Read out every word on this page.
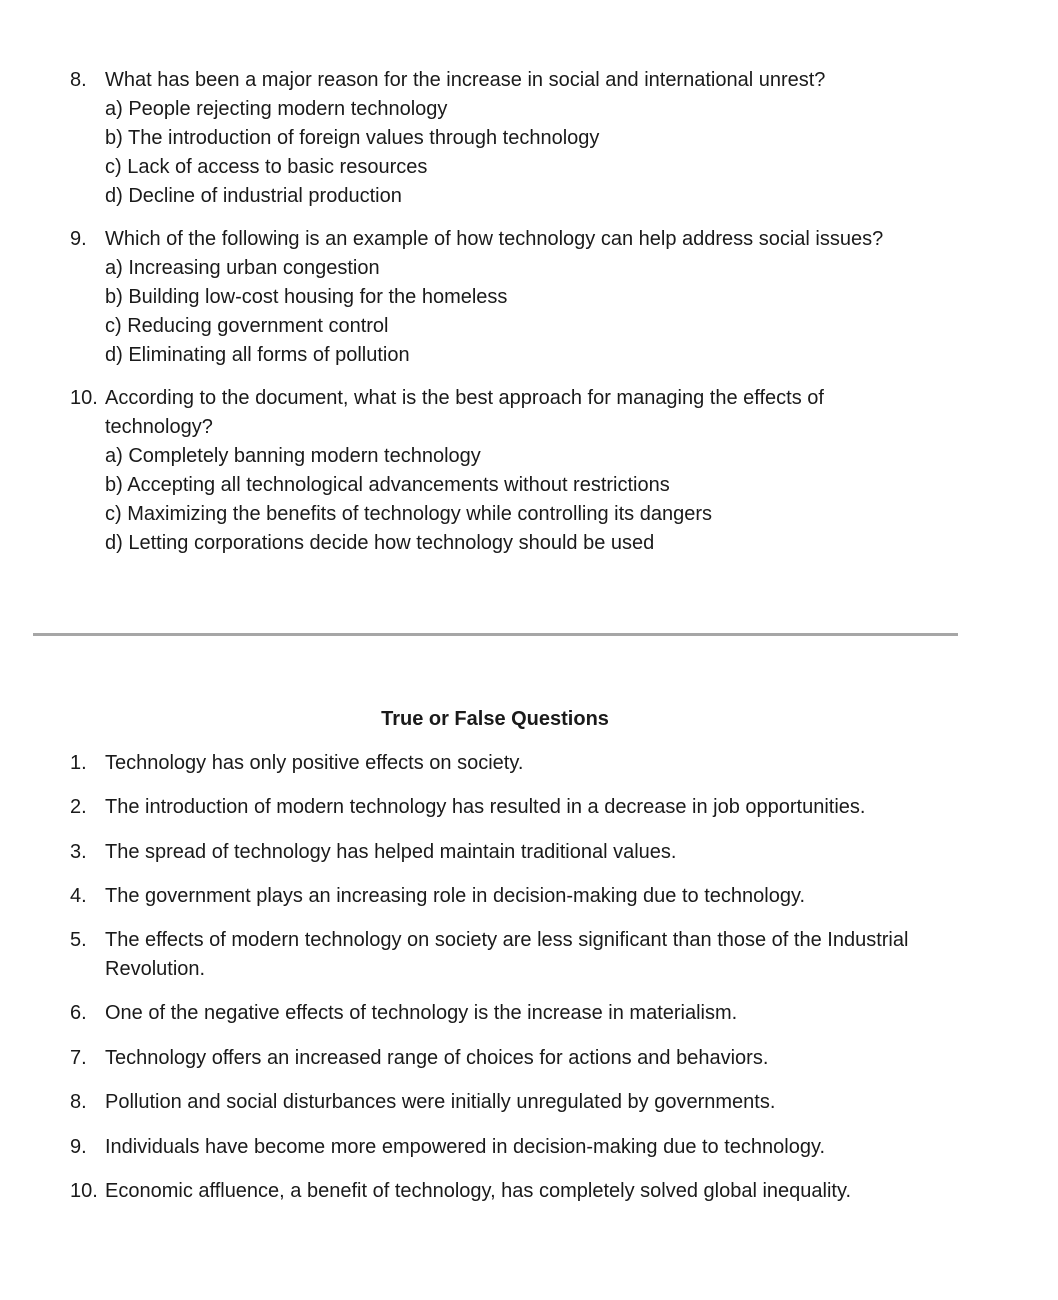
8. What has been a major reason for the increase in social and international unrest?
a) People rejecting modern technology
b) The introduction of foreign values through technology
c) Lack of access to basic resources
d) Decline of industrial production
9. Which of the following is an example of how technology can help address social issues?
a) Increasing urban congestion
b) Building low-cost housing for the homeless
c) Reducing government control
d) Eliminating all forms of pollution
10. According to the document, what is the best approach for managing the effects of
technology?
a) Completely banning modern technology
b) Accepting all technological advancements without restrictions
c) Maximizing the benefits of technology while controlling its dangers
d) Letting corporations decide how technology should be used
True or False Questions
1. Technology has only positive effects on society.
2. The introduction of modern technology has resulted in a decrease in job opportunities.
3. The spread of technology has helped maintain traditional values.
4. The government plays an increasing role in decision-making due to technology.
5. The effects of modern technology on society are less significant than those of the Industrial
Revolution.
6. One of the negative effects of technology is the increase in materialism.
7. Technology offers an increased range of choices for actions and behaviors.
8. Pollution and social disturbances were initially unregulated by governments.
9. Individuals have become more empowered in decision-making due to technology.
10. Economic affluence, a benefit of technology, has completely solved global inequality.
